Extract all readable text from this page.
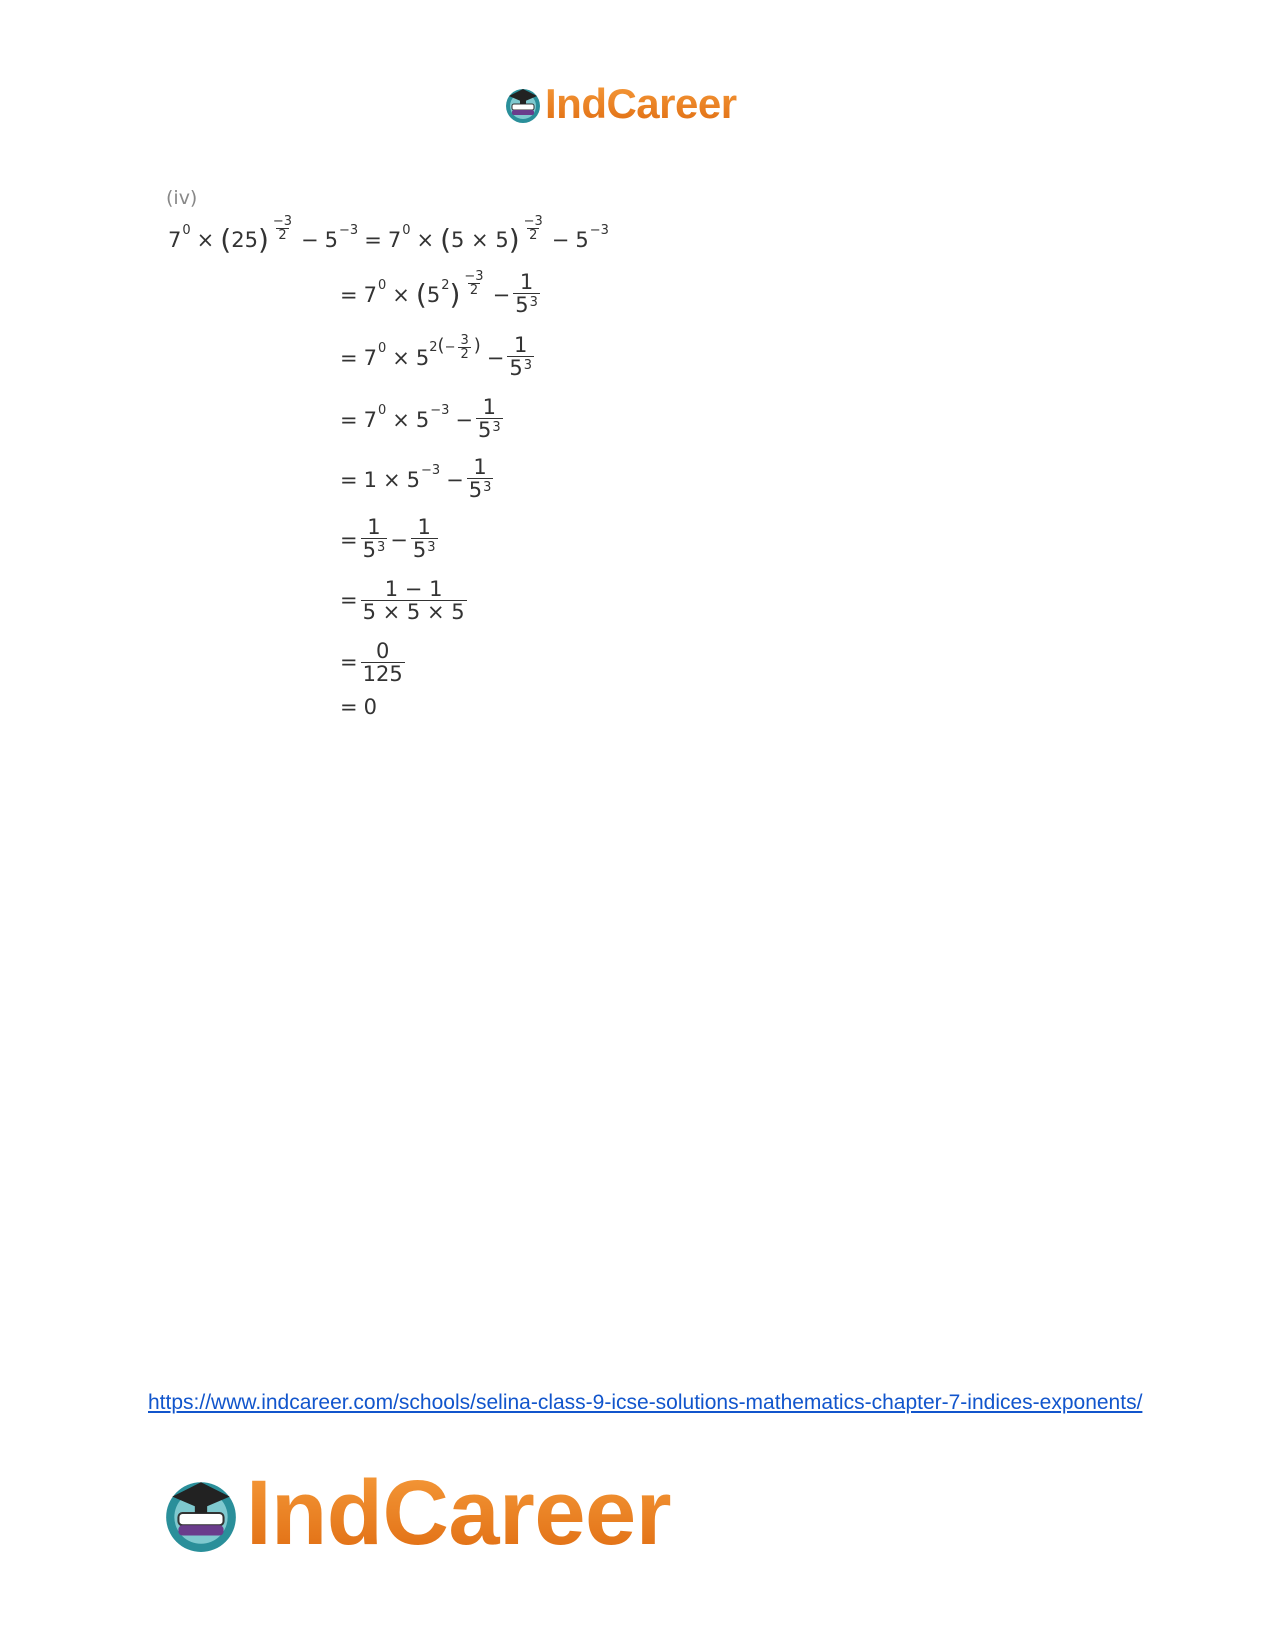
IndCareer
(iv)
7 0 × ( 25 ) $\frac{-3}{2} - 5 -3 = 7$ 0 × ( 5 × 5 ) $\frac{-3}{2} - 5 -3$
= 7 0 × ( 5 2 ) $\frac{-3}{2} - \frac{1}{5^3}$
= 7 0 × 5 $2(- \frac{3}{2}$ )
− $\frac{1}{5^3}$
= 7 $0 \times 5 -3 - \frac{1}{5^3}$
= $1 \times 5 -3 - \frac{1}{5^3}$
= $\frac{1}{5^3} - \frac{1}{5^3}$
= $\frac{1 - 1}{5 \times 5 \times 5}$
= $\frac{0}{125}$
= 0
https://www.indcareer.com/schools/selina-class-9-icse-solutions-mathematics-chapter-7-indices-exponents/
IndCareer
